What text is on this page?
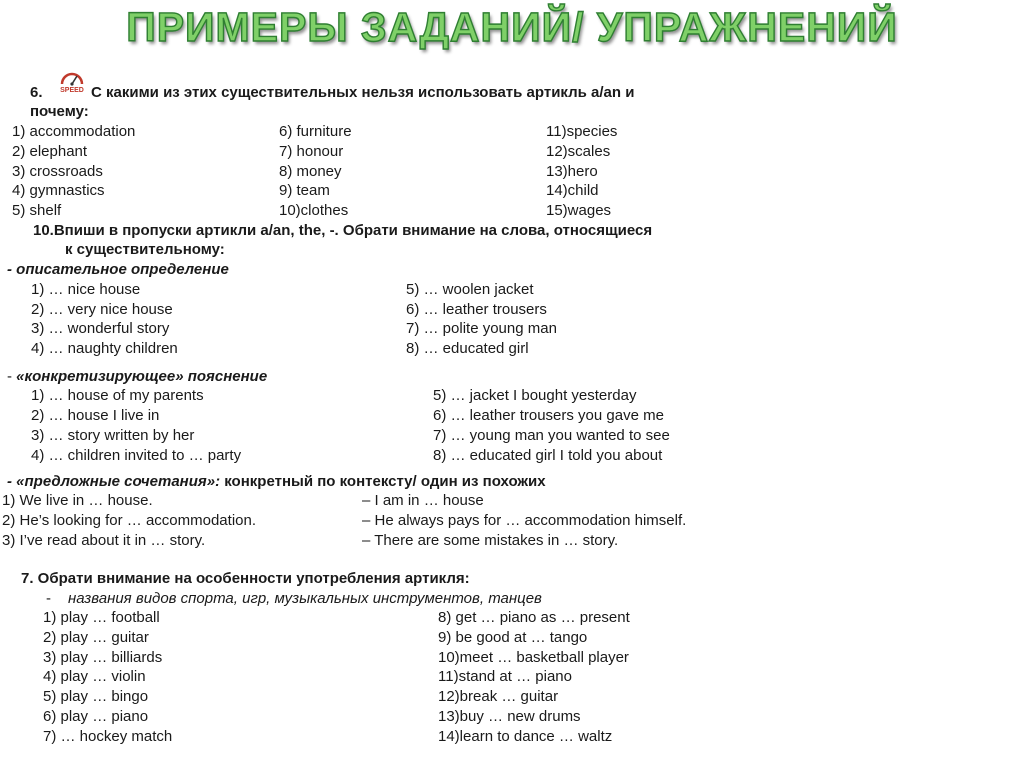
ПРИМЕРЫ ЗАДАНИЙ/ УПРАЖНЕНИЙ
6.	SPEED С какими из этих существительных нельзя использовать артикль a/an и
почему:
1) accommodation
2) elephant
3) crossroads
4) gymnastics
5) shelf
6) furniture
7) honour
8) money
9) team
10)clothes
11)species
12)scales
13)hero
14)child
15)wages
10.Впиши в пропуски артикли a/an, the, -. Обрати внимание на слова, относящиеся
к существительному:
- описательное определение
1) … nice house
2) … very nice house
3) … wonderful story
4) … naughty children
5) … woolen jacket
6) … leather trousers
7) … polite young man
8) … educated girl
- «конкретизирующее» пояснение
1) … house of my parents
2) … house I live in
3) … story written by her
4) … children invited to … party
5) … jacket I bought yesterday
6) … leather trousers you gave me
7) … young man you wanted to see
8) … educated girl I told you about
- «предложные сочетания»: конкретный по контексту/ один из похожих
1) We live in … house.
2) He’s looking for … accommodation.
3) I’ve read about it in … story.
– I am in … house
– He always pays for … accommodation himself.
– There are some mistakes in … story.
7. Обрати внимание на особенности употребления артикля:
- названия видов спорта, игр, музыкальных инструментов, танцев
1) play … football
2) play … guitar
3) play … billiards
4) play … violin
5) play … bingo
6) play … piano
7) … hockey match
8) get … piano as … present
9) be good at … tango
10)meet … basketball player
11)stand at … piano
12)break … guitar
13)buy … new drums
14)learn to dance … waltz
